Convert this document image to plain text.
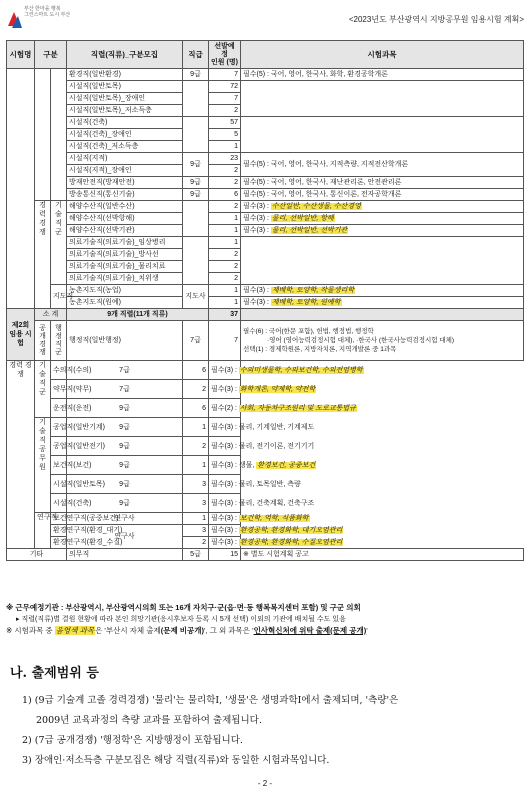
부산 한마을 행복
그린스마트 도시 부산	<2023년도 부산광역시 지방공무원 임용시험 계획>
시험명	구분		직렬(직류)_구분모집	직급	선발예정
인원 (명)	시험과목
			환경직(일반환경)	9급	7	필수(5) : 국어, 영어, 한국사, 화학, 환경공학개론
			시설직(일반토목)		72	
			시설직(일반토목)_장애인		7	
			시설직(일반토목)_저소득층		2	
			시설직(건축)		57	
			시설직(건축)_장애인		5	
			시설직(건축)_저소득층		1	
			시설직(지적)	9급	23	필수(5) : 국어, 영어, 한국사, 지적측량, 지적전산학개론
			시설직(지적)_장애인		2	
			방재안전직(방재안전)	9급	2	필수(5) : 국어, 영어, 한국사, 재난관리론, 안전관리론
			방송통신직(통신기술)	9급	6	필수(5) : 국어, 영어, 한국사, 통신이론, 전자공학개론
	경력 경쟁	기술 직군	해양수산직(일반수산)		2	필수(3) : 수산일반, 수산생물, 수산경영
			해양수산직(선박항해)		1	필수(3) : 물리, 선박일반, 항해
			해양수산직(선박기관)		1	필수(3) : 물리, 선박일반, 선박기관
			의료기술직(의료기술)_임상병리		1	
			의료기술직(의료기술)_방사선		2	
			의료기술직(의료기술)_물리치료		2	
			의료기술직(의료기술)_치위생		2	
		지도직	농촌지도직(농업)	지도사	1	필수(3) : 재배학, 토양학, 작물생리학
			농촌지도직(원예)		1	필수(3) : 재배학, 토양학, 원예학
제2회 임용 시험	소 계		9개 직렬(11개 직류)		37	
	공개 경쟁	행정 직군	행정직(일반행정)	7급	7	필수(6) : 국어(한문 포함), 헌법, 행정법, 행정학
·영어 (영어능력검정시험 대체), ·한국사 (한국사능력검정시험 대체)
선택(1) : 경제학원론, 지방자치론, 지역개발론 중 1과목

경력 경쟁	기술 직군	수의직(수의)	7급	6	필수(3) : 수의미생물학, 수의보건학, 수의전염병학	
		약무직(약무)	7급	2	필수(3) : 화학개론, 약제학, 약전학	
		운전직(운전)	9급	6	필수(2) : 사회, 자동차구조원리 및 도로교통법규	
	기술직 공 무원	공업직(일반기계)	9급	1	필수(3) : 물리, 기계일반, 기계제도	
		공업직(일반전기)	9급	2	필수(3) : 물리, 전기이론, 전기기기	
		보건직(보건)	9급	1	필수(3) : 생물, 환경보건, 공중보건	
		시설직(일반토목)	9급	3	필수(3) : 물리, 토목일반, 측량	
		시설직(건축)	9급	3	필수(3) : 물리, 건축계획, 건축구조	
	연구직	보건연구직(공중보건)	연구사	1	필수(3) : 보건학, 역학, 식품화학	
		환경연구직(환경_대기)	연구사	3	필수(3) : 환경공학, 환경화학, 대기오염관리	
		환경연구직(환경_수질)		2	필수(3) : 환경공학, 환경화학, 수질오염관리	
기타			의무직	5급	15	※ 별도 시험계획 공고
※ 근무예정기관 : 부산광역시, 부산광역시의회 또는 16개 자치구·군(읍·면·동 행복복지센터 포함) 및 구군 의회
▸ 직렬(직류)별 결원 현황에 따라 본인 희망기관(응시후보자 등록 시 5개 선택) 이외의 기관에 배치될 수도 있음
※ 시험과목 중 음영색 과목은 '부산시 자체 출제(문제 비공개)', 그 외 과목은 '인사혁신처에 위탁 출제(문제 공개)'
나. 출제범위 등
1) (9급 기술계 고졸 경력경쟁) '물리'는 물리학Ⅰ, '생물'은 생명과학Ⅰ에서 출제되며, '측량'은
2009년 교육과정의 측량 교과를 포함하여 출제됩니다.
2) (7급 공개경쟁) '행정학'은 지방행정이 포함됩니다.
3) 장애인·저소득층 구분모집은 해당 직렬(직류)와 동일한 시험과목입니다.
- 2 -
